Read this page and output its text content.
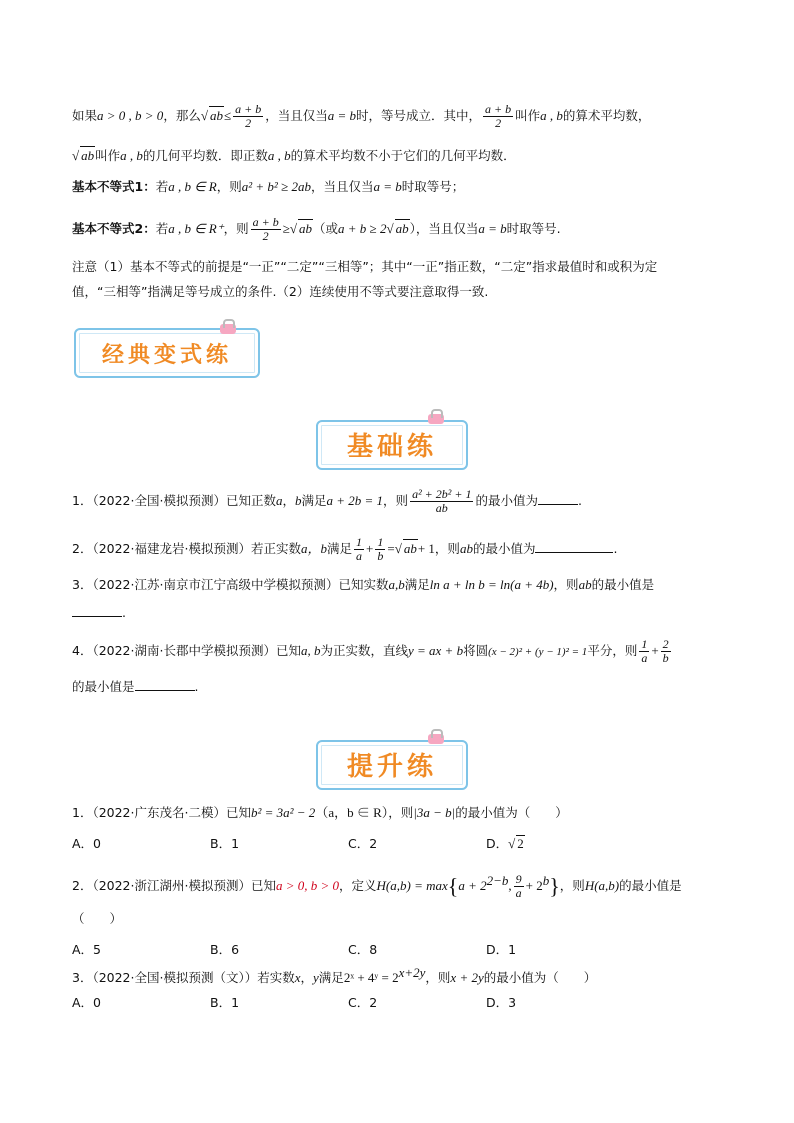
如果a > 0 , b > 0，那么√ $ab\le \frac{a + b}{2}$ ，当且仅当a = b时，等号成立．其中， $\frac{a + b}{2}$ 叫作a , b的算术平均数，
√ ab叫作a , b的几何平均数．即正数a , b的算术平均数不小于它们的几何平均数．
基本不等式1：若a , b ∈ R，则a² + b² ≥ 2ab，当且仅当a = b时取等号；
基本不等式2：若a , b ∈ R⁺，则 $\frac{a + b}{2}$ ≥√ ab（或a + b ≥ 2√ ab），当且仅当a = b时取等号.
注意（1）基本不等式的前提是“一正”“二定”“三相等”；其中“一正”指正数，“二定”指求最值时和或积为定
值，“三相等”指满足等号成立的条件.（2）连续使用不等式要注意取得一致.
经典变式练
基础练
1．（2022·全国·模拟预测）已知正数a，b满足a + 2b = 1，则 $\frac{\text{a² + 2b² + 1}}{ab}$ 的最小值为	.
2．（2022·福建龙岩·模拟预测）若正实数a，b满足 $\frac{1}{a} + \frac{1}{b}$ =√ ab+ 1，则ab的最小值为	.
3．（2022·江苏·南京市江宁高级中学模拟预测）已知实数a,b满足ln a + ln b = ln(a + 4b)，则ab的最小值是
.
4．（2022·湖南·长郡中学模拟预测）已知a, b为正实数，直线y = ax + b将圆(x − 2)² + (y − 1)² = 1平分，则 $\frac{1}{a} + \frac{2}{b}$
的最小值是	.
提升练
1．（2022·广东茂名·二模）已知b² = 3a² − 2（a，b ∈ R），则|3a − b|的最小值为（　　）
A．0	B．1	C．2	D．√ 2
2．（2022·浙江湖州·模拟预测）已知a > 0, b > 0，定义$H(a,b) = \max\{a + 2^{2-b}$, $\frac{9}{a} + 2^b$}，则H(a,b)的最小值是
（　　）
A．5	B．6	C．8	D．1
3．（2022·全国·模拟预测（文））若实数x，y满足2ˣ + 4ʸ = $2^{x+2y}$，则x + 2y的最小值为（　　）
A．0	B．1	C．2	D．3
